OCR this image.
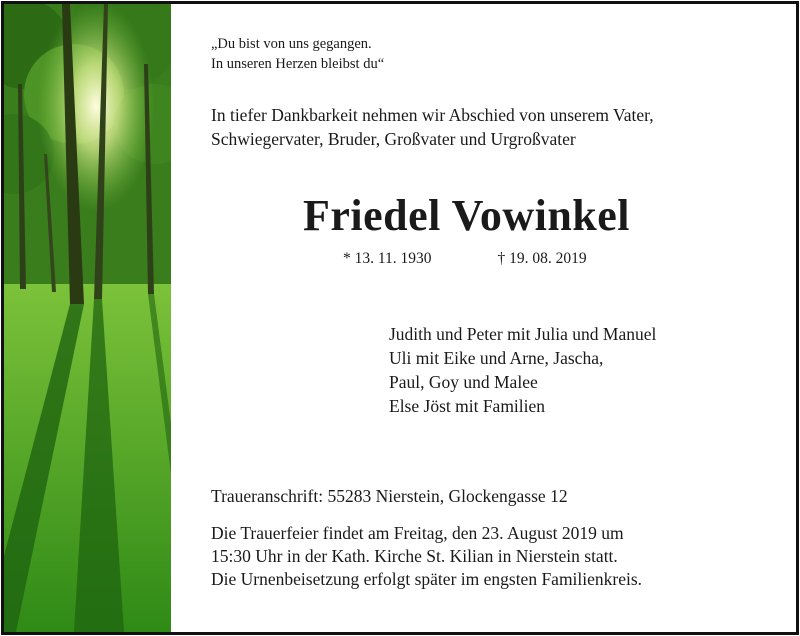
„Du bist von uns gegangen.
In unseren Herzen bleibst du“
In tiefer Dankbarkeit nehmen wir Abschied von unserem Vater,
Schwiegervater, Bruder, Großvater und Urgroßvater
Friedel Vowinkel
* 13. 11. 1930	† 19. 08. 2019
Judith und Peter mit Julia und Manuel
Uli mit Eike und Arne, Jascha,
Paul, Goy und Malee
Else Jöst mit Familien
Traueranschrift: 55283 Nierstein, Glockengasse 12
Die Trauerfeier findet am Freitag, den 23. August 2019 um
15:30 Uhr in der Kath. Kirche St. Kilian in Nierstein statt.
Die Urnenbeisetzung erfolgt später im engsten Familienkreis.
